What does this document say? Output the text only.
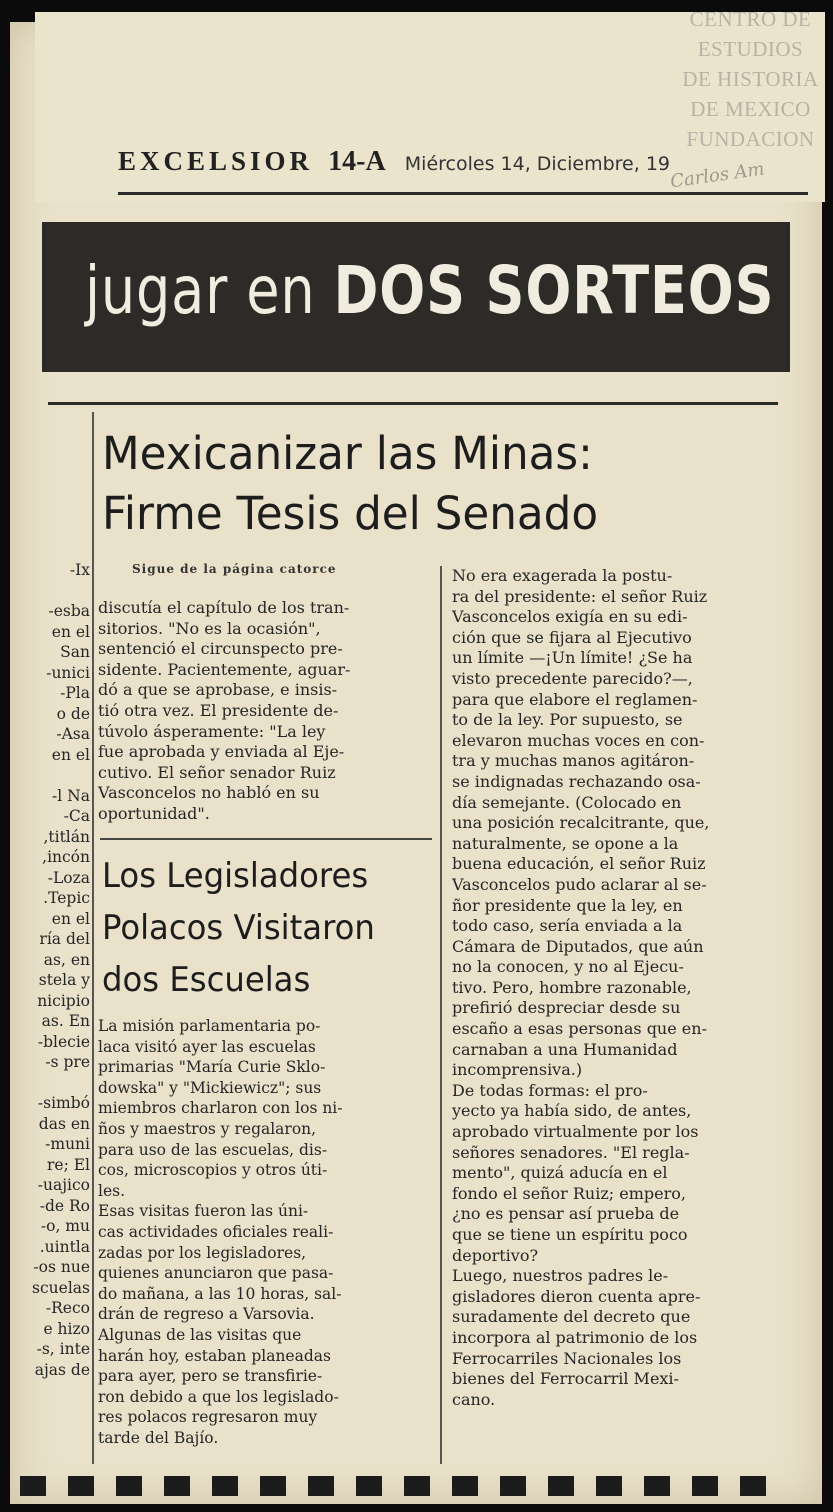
CENTRO DE
ESTUDIOS
DE HISTORIA
DE MEXICO
FUNDACION
EXCELSIOR 14-A Miércoles 14, Diciembre, 19
Carlos Am
jugar en DOS SORTEOS
Mexicanizar las Minas:
Firme Tesis del Senado
Sigue de la página catorce

Ix-

esba-

en el

San

unici-

Pla-

o de

Asa-

en el

l Na-

Ca-

titlán,

incón,

Loza-

Tepic.

en el

ría del

as, en

stela y

nicipio

as. En

blecie-

s pre-

simbó-

das en

muni-

re; El

uajico-

de Ro-

o, mu-

uintla.

os nue-

scuelas

Reco-

e hizo

s, inte-

ajas de

discutía el capítulo de los tran-

sitorios. "No es la ocasión",

sentenció el circunspecto pre-

sidente. Pacientemente, aguar-

dó a que se aprobase, e insis-

tió otra vez. El presidente de-

túvolo ásperamente: "La ley

fue aprobada y enviada al Eje-

cutivo. El señor senador Ruiz

Vasconcelos no habló en su

oportunidad".

Los Legisladores
Polacos Visitaron
dos Escuelas

La misión parlamentaria po-

laca visitó ayer las escuelas

primarias "María Curie Sklo-

dowska" y "Mickiewicz"; sus

miembros charlaron con los ni-

ños y maestros y regalaron,

para uso de las escuelas, dis-

cos, microscopios y otros úti-

les.

Esas visitas fueron las úni-

cas actividades oficiales reali-

zadas por los legisladores,

quienes anunciaron que pasa-

do mañana, a las 10 horas, sal-

drán de regreso a Varsovia.

Algunas de las visitas que

harán hoy, estaban planeadas

para ayer, pero se transfirie-

ron debido a que los legislado-

res polacos regresaron muy

tarde del Bajío.

No era exagerada la postu-

ra del presidente: el señor Ruiz

Vasconcelos exigía en su edi-

ción que se fijara al Ejecutivo

un límite —¡Un límite! ¿Se ha

visto precedente parecido?—,

para que elabore el reglamen-

to de la ley. Por supuesto, se

elevaron muchas voces en con-

tra y muchas manos agitáron-

se indignadas rechazando osa-

día semejante. (Colocado en

una posición recalcitrante, que,

naturalmente, se opone a la

buena educación, el señor Ruiz

Vasconcelos pudo aclarar al se-

ñor presidente que la ley, en

todo caso, sería enviada a la

Cámara de Diputados, que aún

no la conocen, y no al Ejecu-

tivo. Pero, hombre razonable,

prefirió despreciar desde su

escaño a esas personas que en-

carnaban a una Humanidad

incomprensiva.)

De todas formas: el pro-

yecto ya había sido, de antes,

aprobado virtualmente por los

señores senadores. "El regla-

mento", quizá aducía en el

fondo el señor Ruiz; empero,

¿no es pensar así prueba de

que se tiene un espíritu poco

deportivo?

Luego, nuestros padres le-

gisladores dieron cuenta apre-

suradamente del decreto que

incorpora al patrimonio de los

Ferrocarriles Nacionales los

bienes del Ferrocarril Mexi-

cano.
